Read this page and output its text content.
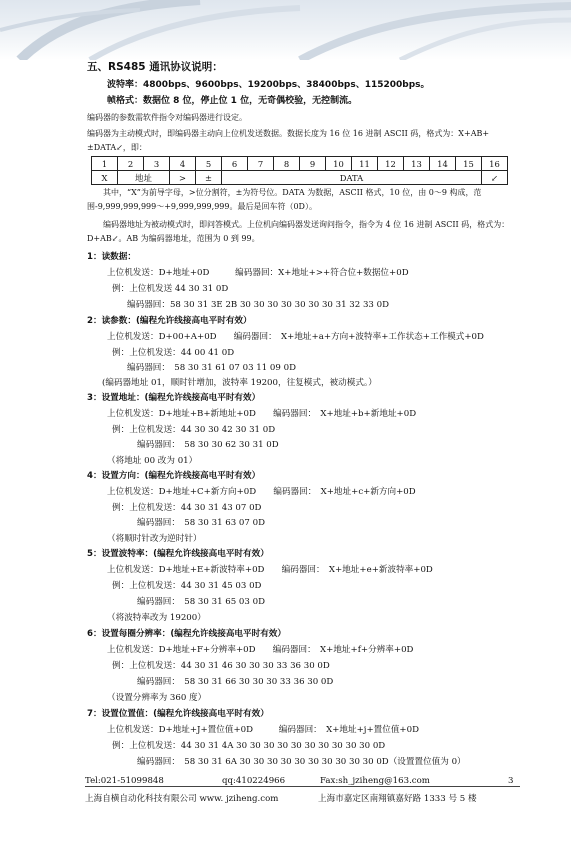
五、RS485 通讯协议说明：
波特率：4800bps、9600bps、19200bps、38400bps、115200bps。
帧格式：数据位 8 位，停止位 1 位，无奇偶校验，无控制流。
编码器的参数需软件指令对编码器进行设定。
编码器为主动模式时，即编码器主动向上位机发送数据。数据长度为 16 位 16 进制 ASCII 码，格式为：X+AB+
±DATA↙，即：
1	2	3	4	5	6	7	8	9	10	11	12	13	14	15	16
X	地址		>	±	DATA										↙
其中，“X”为前导字母，>位分割符，±为符号位。DATA 为数据，ASCII 格式，10 位，由 0～9 构成，范围-9,999,999,999～+9,999,999,999。最后是回车符（0D）。
编码器地址为被动模式时，即问答模式。上位机向编码器发送询问指令，指令为 4 位 16 进制 ASCII 码，格式为：D+AB↙。AB 为编码器地址，范围为 0 到 99。
1：读数据：
上位机发送：D+地址+0D　　　编码器回：X+地址+>+符合位+数据位+0D
例：上位机发送 44 30 31 0D
编码器回：58 30 31 3E 2B 30 30 30 30 30 30 30 31 32 33 0D
2：读参数：(编程允许线接高电平时有效）
上位机发送：D+00+A+0D　　编码器回：　X+地址+a+方向+波特率+工作状态+工作模式+0D
例：上位机发送：44 00 41 0D
编码器回：　58 30 31 61 07 03 11 09 0D
(编码器地址 01，顺时针增加，波特率 19200，往复模式，被动模式。）
3：设置地址：(编程允许线接高电平时有效）
上位机发送：D+地址+B+新地址+0D　　编码器回：　X+地址+b+新地址+0D
例：上位机发送：44 30 30 42 30 31 0D
编码器回：　58 30 30 62 30 31 0D
（将地址 00 改为 01）
4：设置方向：(编程允许线接高电平时有效）
上位机发送：D+地址+C+新方向+0D　　编码器回：　X+地址+c+新方向+0D
例：上位机发送：44 30 31 43 07 0D
编码器回：　58 30 31 63 07 0D
（将顺时针改为逆时针）
5：设置波特率：(编程允许线接高电平时有效）
上位机发送：D+地址+E+新波特率+0D　　编码器回：　X+地址+e+新波特率+0D
例：上位机发送：44 30 31 45 03 0D
编码器回：　58 30 31 65 03 0D
（将波特率改为 19200）
6：设置每圈分辨率：(编程允许线接高电平时有效）
上位机发送：D+地址+F+分辨率+0D　　编码器回：　X+地址+f+分辨率+0D
例：上位机发送：44 30 31 46 30 30 30 33 36 30 0D
编码器回：　58 30 31 66 30 30 30 33 36 30 0D
（设置分辨率为 360 度）
7：设置位置值：(编程允许线接高电平时有效）
上位机发送：D+地址+J+置位值+0D　　　编码器回：　X+地址+j+置位值+0D
例：上位机发送：44 30 31 4A 30 30 30 30 30 30 30 30 30 30 0D
编码器回：　58 30 31 6A 30 30 30 30 30 30 30 30 30 30 0D（设置置位值为 0）
Tel:021-51099848	qq:410224966	Fax:sh_jziheng@163.com	3
上海自横自动化科技有限公司 www. jziheng.com	上海市嘉定区南翔镇嘉好路 1333 号 5 楼
